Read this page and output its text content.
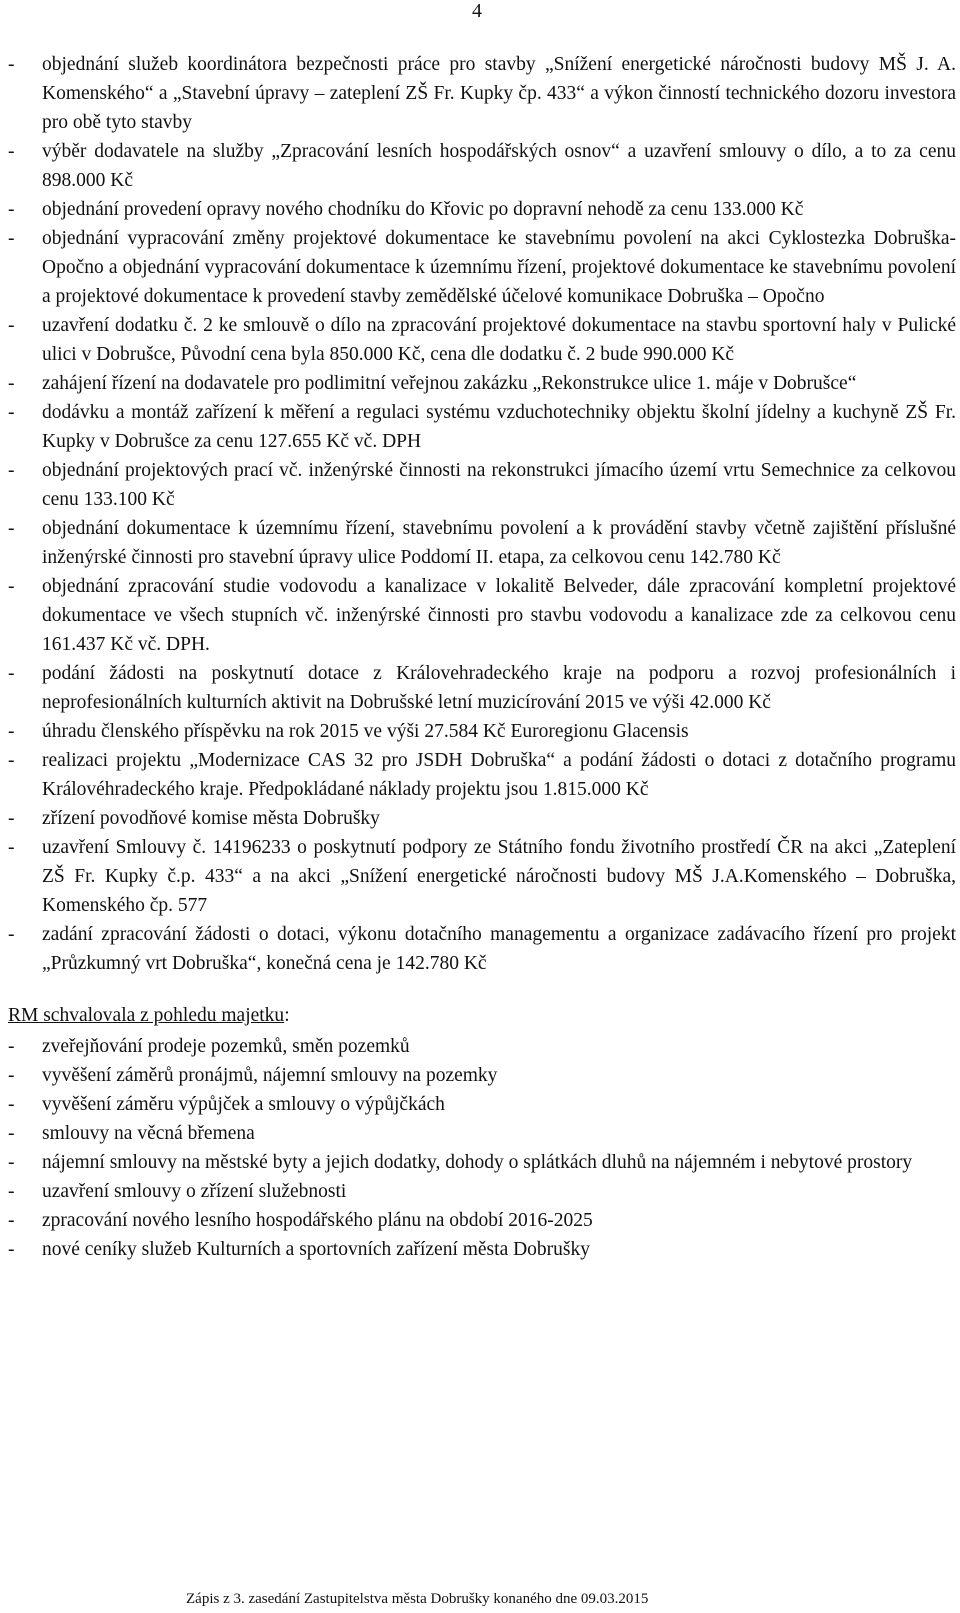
4
- objednání služeb koordinátora bezpečnosti práce pro stavby „Snížení energetické náročnosti budovy MŠ J. A. Komenského“ a „Stavební úpravy – zateplení ZŠ Fr. Kupky čp. 433“ a výkon činností technického dozoru investora pro obě tyto stavby
- výběr dodavatele na služby „Zpracování lesních hospodářských osnov“ a uzavření smlouvy o dílo, a to za cenu 898.000 Kč
- objednání provedení opravy nového chodníku do Křovic po dopravní nehodě za cenu 133.000 Kč
- objednání vypracování změny projektové dokumentace ke stavebnímu povolení na akci Cyklostezka Dobruška-Opočno a objednání vypracování dokumentace k územnímu řízení, projektové dokumentace ke stavebnímu povolení a projektové dokumentace k provedení stavby zemědělské účelové komunikace Dobruška – Opočno
- uzavření dodatku č. 2 ke smlouvě o dílo na zpracování projektové dokumentace na stavbu sportovní haly v Pulické ulici v Dobrušce, Původní cena byla 850.000 Kč, cena dle dodatku č. 2 bude 990.000 Kč
- zahájení řízení na dodavatele pro podlimitní veřejnou zakázku „Rekonstrukce ulice 1. máje v Dobrušce“
- dodávku a montáž zařízení k měření a regulaci systému vzduchotechniky objektu školní jídelny a kuchyně ZŠ Fr. Kupky v Dobrušce za cenu 127.655 Kč vč. DPH
- objednání projektových prací vč. inženýrské činnosti na rekonstrukci jímacího území vrtu Semechnice za celkovou cenu 133.100 Kč
- objednání dokumentace k územnímu řízení, stavebnímu povolení a k provádění stavby včetně zajištění příslušné inženýrské činnosti pro stavební úpravy ulice Poddomí II. etapa, za celkovou cenu 142.780 Kč
- objednání zpracování studie vodovodu a kanalizace v lokalitě Belveder, dále zpracování kompletní projektové dokumentace ve všech stupních vč. inženýrské činnosti pro stavbu vodovodu a kanalizace zde za celkovou cenu 161.437 Kč vč. DPH.
- podání žádosti na poskytnutí dotace z Královehradeckého kraje na podporu a rozvoj profesionálních i neprofesionálních kulturních aktivit na Dobrušské letní muzicírování 2015 ve výši 42.000 Kč
- úhradu členského příspěvku na rok 2015 ve výši 27.584 Kč Euroregionu Glacensis
- realizaci projektu „Modernizace CAS 32 pro JSDH Dobruška“ a podání žádosti o dotaci z dotačního programu Královéhradeckého kraje. Předpokládané náklady projektu jsou 1.815.000 Kč
- zřízení povodňové komise města Dobrušky
- uzavření Smlouvy č. 14196233 o poskytnutí podpory ze Státního fondu životního prostředí ČR na akci „Zateplení ZŠ Fr. Kupky č.p. 433“ a na akci „Snížení energetické náročnosti budovy MŠ J.A.Komenského – Dobruška, Komenského čp. 577
- zadání zpracování žádosti o dotaci, výkonu dotačního managementu a organizace zadávacího řízení pro projekt „Průzkumný vrt Dobruška“, konečná cena je 142.780 Kč
RM schvalovala z pohledu majetku:
- zveřejňování prodeje pozemků, směn pozemků
- vyvěšení záměrů pronájmů, nájemní smlouvy na pozemky
- vyvěšení záměru výpůjček a smlouvy o výpůjčkách
- smlouvy na věcná břemena
- nájemní smlouvy na městské byty a jejich dodatky, dohody o splátkách dluhů na nájemném i nebytové prostory
- uzavření smlouvy o zřízení služebnosti
- zpracování nového lesního hospodářského plánu na období 2016-2025
- nové ceníky služeb Kulturních a sportovních zařízení města Dobrušky
Zápis z 3. zasedání Zastupitelstva města Dobrušky konaného dne 09.03.2015
